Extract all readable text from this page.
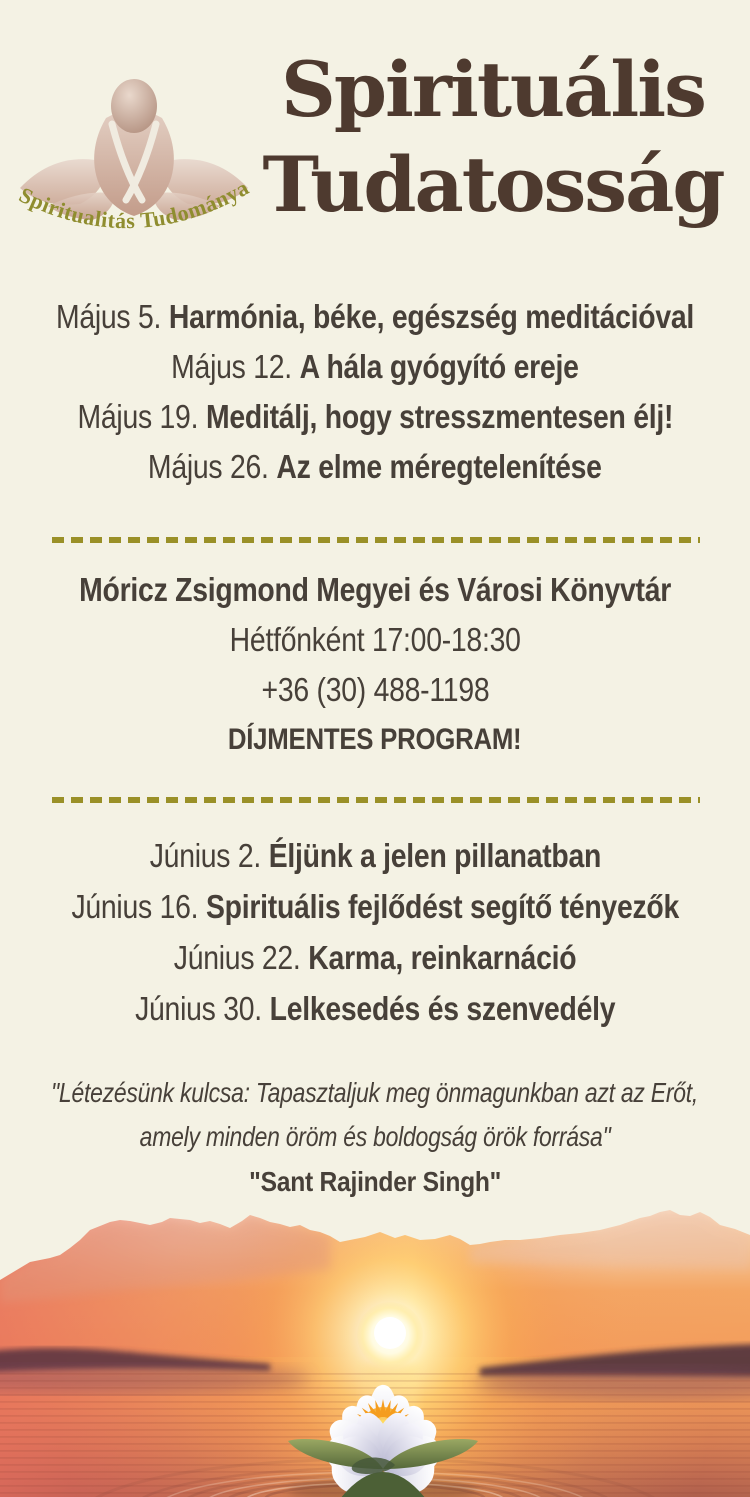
Spiritualitás Tudománya
Spirituális
Tudatosság
Május 5. Harmónia, béke, egészség meditációval
Május 12. A hála gyógyító ereje
Május 19. Meditálj, hogy stresszmentesen élj!
Május 26. Az elme méregtelenítése
Móricz Zsigmond Megyei és Városi Könyvtár
Hétfőnként 17:00-18:30
+36 (30) 488-1198
DÍJMENTES PROGRAM!
Június 2. Éljünk a jelen pillanatban
Június 16. Spirituális fejlődést segítő tényezők
Június 22. Karma, reinkarnáció
Június 30. Lelkesedés és szenvedély
"Létezésünk kulcsa: Tapasztaljuk meg önmagunkban azt az Erőt,
amely minden öröm és boldogság örök forrása"
"Sant Rajinder Singh"
